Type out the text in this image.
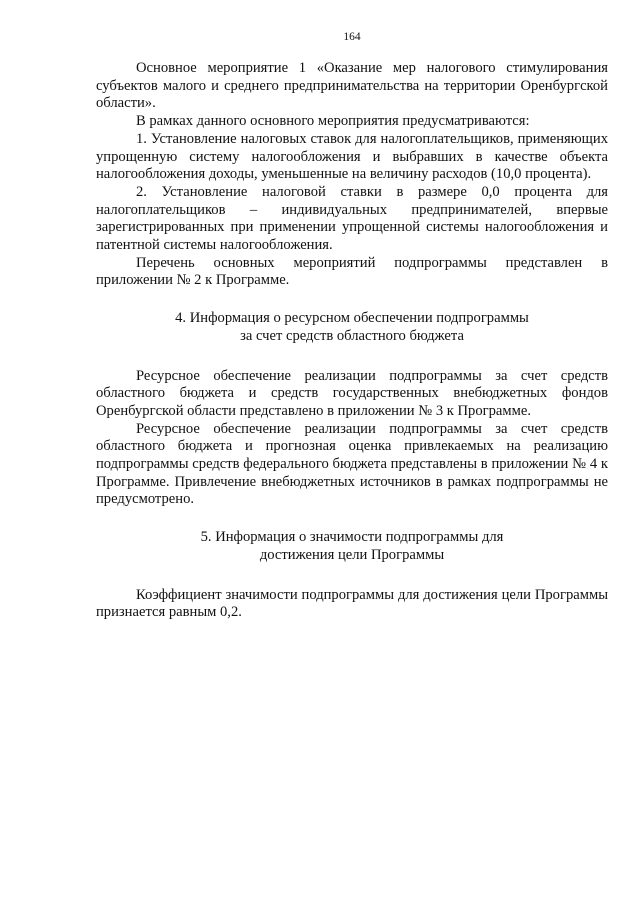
164

Основное мероприятие 1 «Оказание мер налогового стимулирования субъектов малого и среднего предпринимательства на территории Оренбургской области».

В рамках данного основного мероприятия предусматриваются:

1. Установление налоговых ставок для налогоплательщиков, применяющих упрощенную систему налогообложения и выбравших в качестве объекта налогообложения доходы, уменьшенные на величину расходов (10,0 процента).

2. Установление налоговой ставки в размере 0,0 процента для налогоплательщиков – индивидуальных предпринимателей, впервые зарегистрированных при применении упрощенной системы налогообложения и патентной системы налогообложения.

Перечень основных мероприятий подпрограммы представлен в приложении № 2 к Программе.

4. Информация о ресурсном обеспечении подпрограммы
за счет средств областного бюджета

Ресурсное обеспечение реализации подпрограммы за счет средств областного бюджета и средств государственных внебюджетных фондов Оренбургской области представлено в приложении № 3 к Программе.

Ресурсное обеспечение реализации подпрограммы за счет средств областного бюджета и прогнозная оценка привлекаемых на реализацию подпрограммы средств федерального бюджета представлены в приложении № 4 к Программе. Привлечение внебюджетных источников в рамках подпрограммы не предусмотрено.

5. Информация о значимости подпрограммы для
достижения цели Программы

Коэффициент значимости подпрограммы для достижения цели Программы признается равным 0,2.
